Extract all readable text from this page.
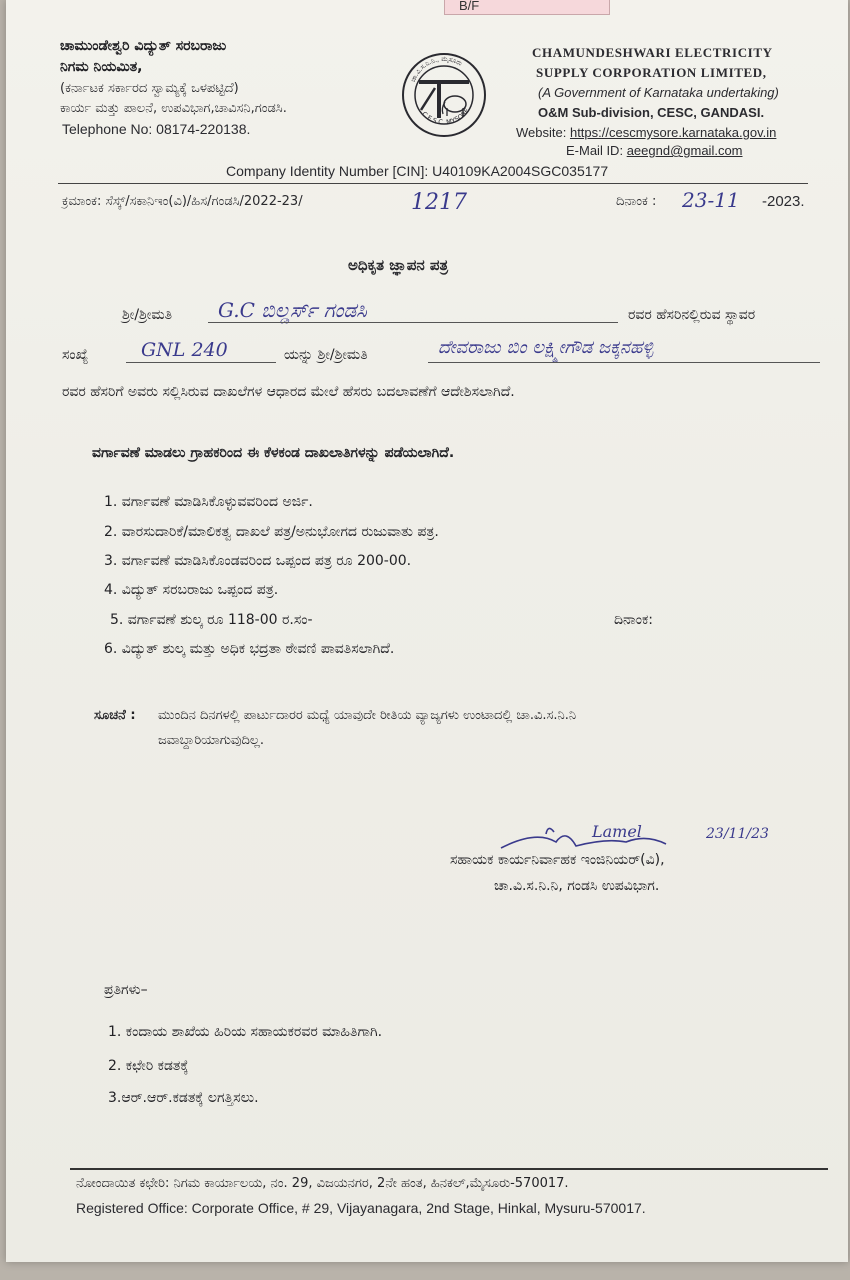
B/F
ಚಾಮುಂಡೇಶ್ವರಿ ವಿದ್ಯುತ್ ಸರಬರಾಜು
ನಿಗಮ ನಿಯಮಿತ,
(ಕರ್ನಾಟಕ ಸರ್ಕಾರದ ಸ್ವಾಮ್ಯಕ್ಕೆ ಒಳಪಟ್ಟಿದೆ)
ಕಾರ್ಯ ಮತ್ತು ಪಾಲನೆ, ಉಪವಿಭಾಗ,ಚಾವಿಸನಿ,ಗಂಡಸಿ.
Telephone No: 08174-220138.
ಚಾ.ವಿ.ಸ.ನಿ.ನಿ., ಮೈಸೂರು
C.E.S.C. MYSORE
CHAMUNDESHWARI ELECTRICITY
SUPPLY CORPORATION LIMITED,
(A Government of Karnataka undertaking)
O&M Sub-division, CESC, GANDASI.
Website: https://cescmysore.karnataka.gov.in
E-Mail ID: aeegnd@gmail.com
Company Identity Number [CIN]: U40109KA2004SGC035177
ಕ್ರಮಾಂಕ: ಸೆಸ್ಕ್/ಸಕಾನಿಇಂ(ವಿ)/ಹಿಸ/ಗಂಡಸಿ/2022-23/	1217	ದಿನಾಂಕ : 23-11 -2023.
ಅಧಿಕೃತ ಜ್ಞಾಪನ ಪತ್ರ
ಶ್ರೀ/ಶ್ರೀಮತಿ G.C ಬಿಲ್ಡರ್ಸ್ ಗಂಡಸಿ	ರವರ ಹೆಸರಿನಲ್ಲಿರುವ ಸ್ಥಾವರ
ಸಂಖ್ಯೆ	GNL 240	ಯನ್ನು ಶ್ರೀ/ಶ್ರೀಮತಿ	ದೇವರಾಜು ಬಿಂ ಲಕ್ಷ್ಮೀಗೌಡ ಜಕ್ಕನಹಳ್ಳಿ
ರವರ ಹೆಸರಿಗೆ ಅವರು ಸಲ್ಲಿಸಿರುವ ದಾಖಲೆಗಳ ಆಧಾರದ ಮೇಲೆ ಹೆಸರು ಬದಲಾವಣೆಗೆ ಆದೇಶಿಸಲಾಗಿದೆ.
ವರ್ಗಾವಣೆ ಮಾಡಲು ಗ್ರಾಹಕರಿಂದ ಈ ಕೆಳಕಂಡ ದಾಖಲಾತಿಗಳನ್ನು ಪಡೆಯಲಾಗಿದೆ.
1. ವರ್ಗಾವಣೆ ಮಾಡಿಸಿಕೊಳ್ಳುವವರಿಂದ ಅರ್ಜಿ.
2. ವಾರಸುದಾರಿಕೆ/ಮಾಲಿಕತ್ವ ದಾಖಲೆ ಪತ್ರ/ಅನುಭೋಗದ ರುಜುವಾತು ಪತ್ರ.
3. ವರ್ಗಾವಣೆ ಮಾಡಿಸಿಕೊಂಡವರಿಂದ ಒಪ್ಪಂದ ಪತ್ರ ರೂ 200-00.
4. ವಿದ್ಯುತ್ ಸರಬರಾಜು ಒಪ್ಪಂದ ಪತ್ರ.
5. ವರ್ಗಾವಣೆ ಶುಲ್ಕ ರೂ 118-00 ರ.ಸಂ-	ದಿನಾಂಕ:
6. ವಿದ್ಯುತ್ ಶುಲ್ಕ ಮತ್ತು ಅಧಿಕ ಭದ್ರತಾ ಠೇವಣಿ ಪಾವತಿಸಲಾಗಿದೆ.
ಸೂಚನೆ : ಮುಂದಿನ ದಿನಗಳಲ್ಲಿ ಪಾರ್ಟುದಾರರ ಮಧ್ಯೆ ಯಾವುದೇ ರೀತಿಯ ವ್ಯಾಜ್ಯಗಳು ಉಂಟಾದಲ್ಲಿ ಚಾ.ವಿ.ಸ.ನಿ.ನಿ
ಜವಾಬ್ದಾರಿಯಾಗುವುದಿಲ್ಲ.
Lamel	23/11/23
ಸಹಾಯಕ ಕಾರ್ಯನಿರ್ವಾಹಕ ಇಂಜಿನಿಯರ್(ವಿ),
ಚಾ.ವಿ.ಸ.ನಿ.ನಿ, ಗಂಡಸಿ ಉಪವಿಭಾಗ.
ಪ್ರತಿಗಳು–
1. ಕಂದಾಯ ಶಾಖೆಯ ಹಿರಿಯ ಸಹಾಯಕರವರ ಮಾಹಿತಿಗಾಗಿ.
2. ಕಛೇರಿ ಕಡತಕ್ಕೆ
3.ಆರ್.ಆರ್.ಕಡತಕ್ಕೆ ಲಗತ್ತಿಸಲು.
ನೋಂದಾಯಿತ ಕಛೇರಿ: ನಿಗಮ ಕಾರ್ಯಾಲಯ, ನಂ. 29, ವಿಜಯನಗರ, 2ನೇ ಹಂತ, ಹಿನಕಲ್,ಮೈಸೂರು-570017.
Registered Office: Corporate Office, # 29, Vijayanagara, 2nd Stage, Hinkal, Mysuru-570017.
